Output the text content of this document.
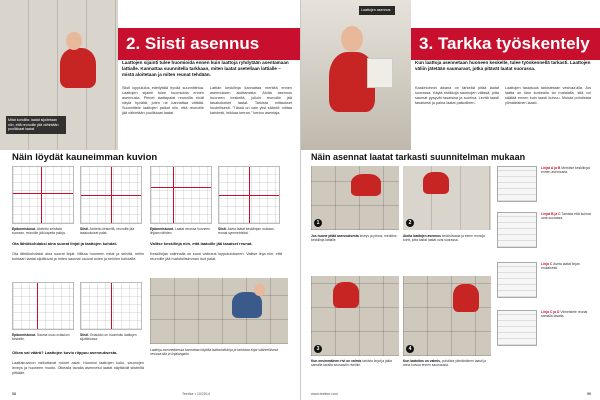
Mitat kohdilla: laatat sijoitetaan niin, että reunoille jää vähintään puolikkaat laatat.
2. Siisti asennus
Laattojen sijainti tulee huomioida ennen kuin laattoja ryhdytään asentamaan lattialle. Kannattaa suunnitella tarkkaan, miten laatat asetellaan lattialle – mistä aloitetaan ja miten reunat tehdään.
Siisti lopputulos edellyttää hyvää suunnittelua. Laattojen sijainti tulee huomioida ennen asennusta. Pienet laattapalat reunoilla eivät näytä hyvältä, joten ne kannattaa välttää. Suunnittele laattojen paikat niin, että reunoille jää vähintään puolikkaat laatat.
Lattian keskilinja kannattaa merkitä ennen asennuksen aloittamista. Aloita asennus huoneen keskeltä, jolloin reunoille jää tasakokoiset laatat. Tarkista mittaukset huolellisesti. "Tässä on vain yksi sääntö: mittaa kahdesti, leikkaa kerran," kertoo asentaja.
Näin löydät kauneimman kuvion
Epäonnistunut. Aloitettu seinästä suoraan, reunoille jää kapeita paloja.
Siisti. Aloitettu keskeltä, reunoille jää tasakokoiset palat.
Epäonnistunut. Laatat vinossa huoneen linjaan nähden.
Siisti. Aseta laatat keskilinjan mukaan, reunat symmetrisiksi.
Ota lähtökohdaksi aina suorat linjat ja laattojen kohdat.
Ota lähtökohdaksi aina suorat linjat. Mittaa huoneen mitat ja selvitä, mihin kohtaan laatat sijoittuvat ja miten saumat osuvat ovien ja seinien kohdalle.
Valitse keskilinja niin, että laatoille jää tasaiset reunat.
Keskilinjan valinnalla on suuri vaikutus lopputulokseen. Valitse linja niin, että reunoille jää mahdollisimman isot palat.
Epäonnistunut. Sauma osuu oviaukon keskelle.
Siisti. Oviaukko on huomioitu laattojen sijoittelussa.
Oikea vai väärä? Laattojen kuvio riippuu asennuksesta.
Laattakuvioon vaikuttavat monet asiat. Huomioi laattojen koko, saumojen leveys ja huoneen muoto. Oikealla tavalla asennetut laatat näyttävät siisteiltä pitkään.
Laattoja asennettaessa kannattaa käyttää laattaristikkoja ja tarkistaa linjat säännöllisesti vesivaa'alla ja linjalangalla.
58	TeeItse • 10/2014
Laattojen asennus
3. Tarkka työskentely
Kun laattoja asennetaan huoneen keskelle, tulee työskennellä tarkasti. Laattojen väliin jätetään saumaraot, jotka pitävät laatat suorassa.
Kaakeloinnin aikana on tärkeää pitää laatat suorassa. Käytä ristikkoja saumojen välissä, jotta saumat pysyvät tasaisina ja suorina. Levitä laasti tasaisesti ja paina laatat paikoilleen.
Laattojen tasaisuus tarkistetaan vesivaa'alla. Jos laatta on liian korkealla tai matalalla, sitä voi säätää ennen kuin laasti kuivuu. Muista puhdistaa ylimääräinen laasti.
Näin asennat laatat tarkasti suunnitelman mukaan
1	2
3	4
Jos huone pitää asennuksesta leveys ja pituus, merkitse keskilinja lattialle.
Aloita laattojen asennus keskiviivasta ja etene reunoja kohti, jotta kaikki laatat ovat suorassa.
Kun ensimmäinen rivi on valmis tarkista linjat ja jatka samalla tavalla seuraaviin riveihin.
Kun laatoitus on valmis, puhdista ylimääräinen laasti ja anna kuivua ennen saumausta.
Linjat A ja B Merkitse keskilinjat ennen asennusta.
Linjat B ja C Tarkista että kulmat ovat suorassa.
Linja C Aseta laatat linjan mukaisesti.
Linja C ja D Viimeistele reunat samalla tavalla.
www.teeitse.com	59
